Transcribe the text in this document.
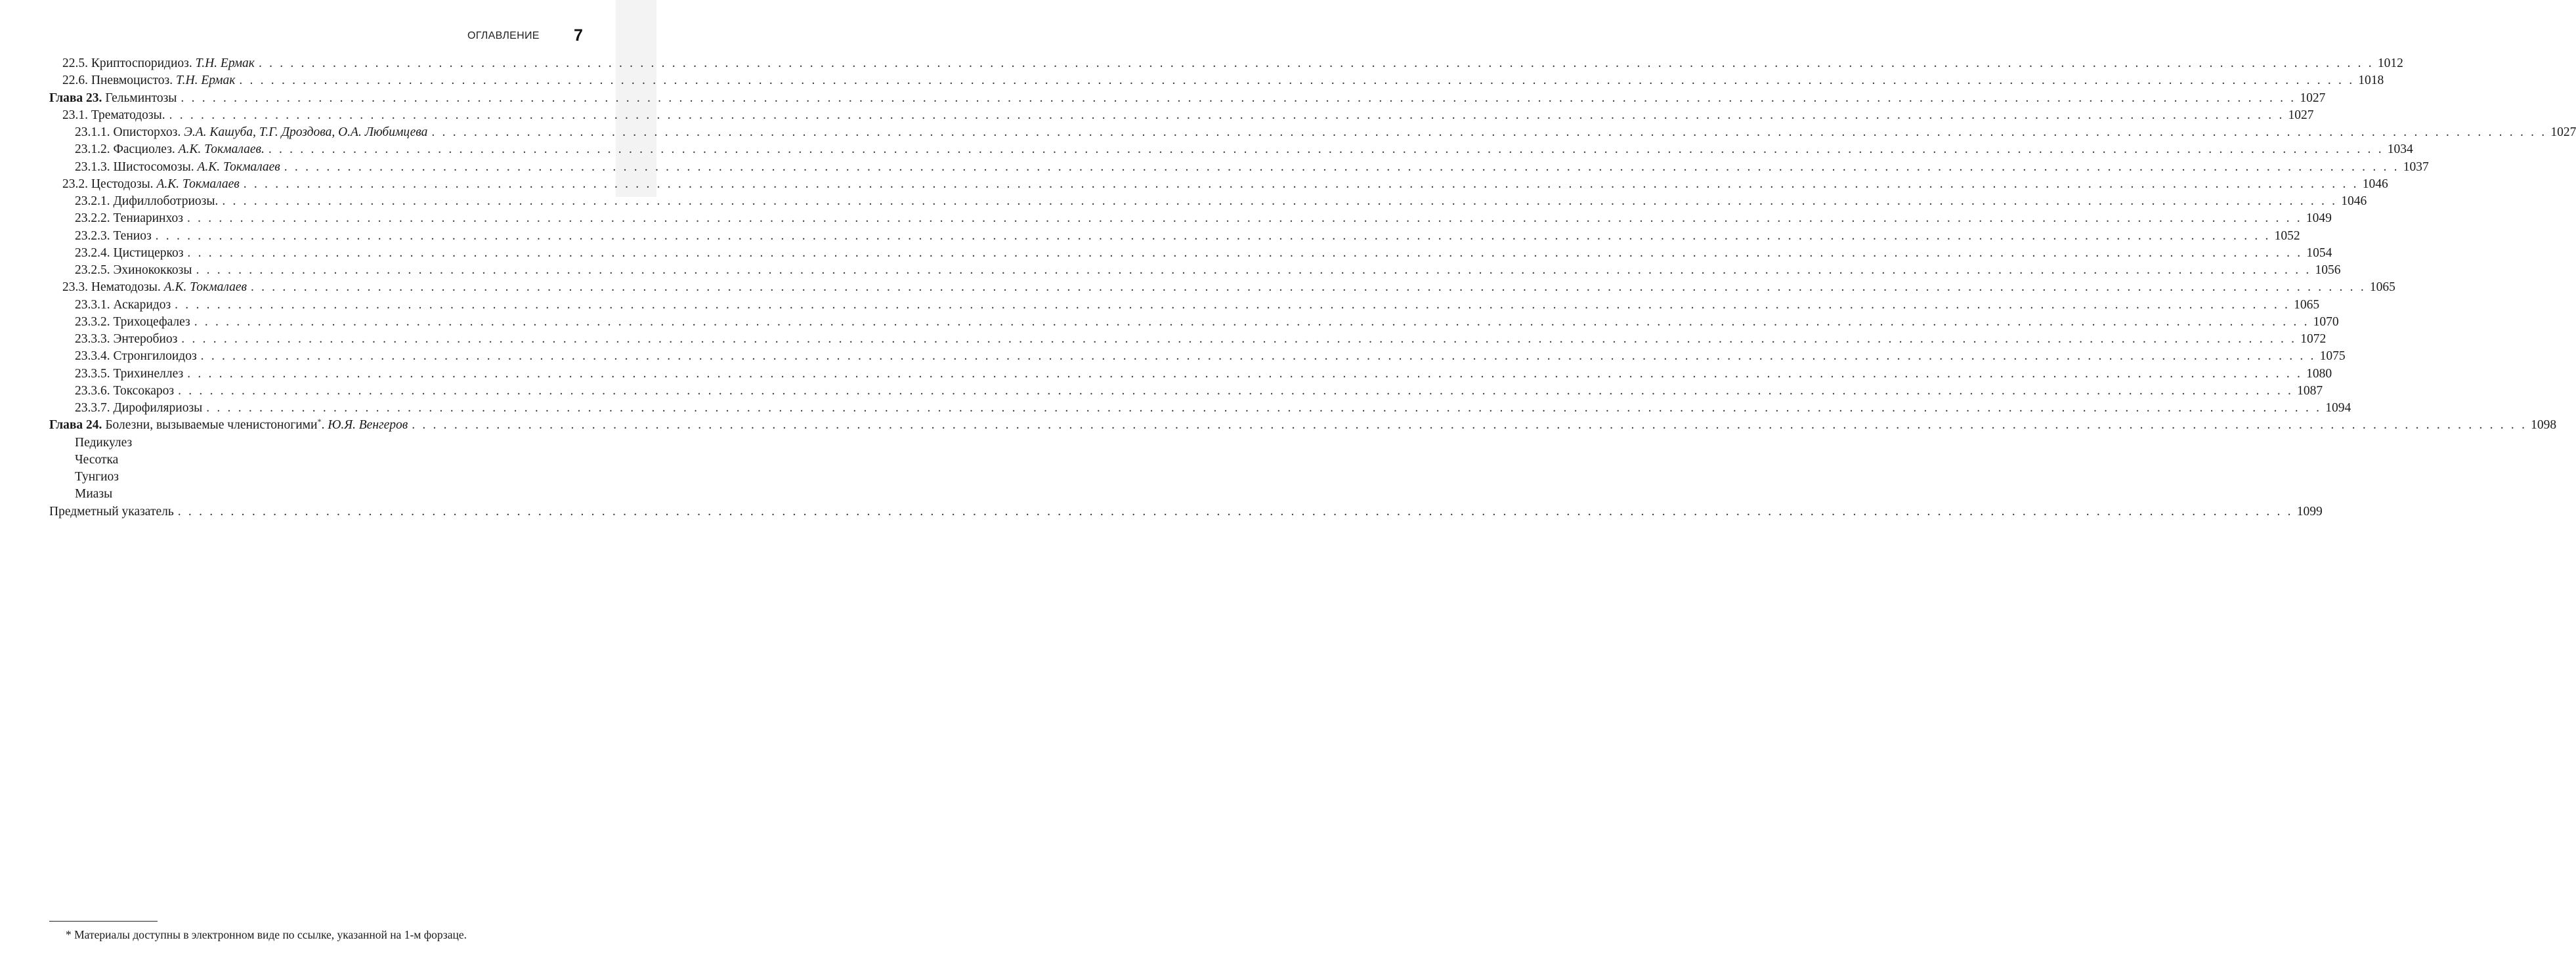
ОГЛАВЛЕНИЕ 7
22.5. Криптоспоридиоз. Т.Н. Ермак . . . . . . . . . . . . . . . . . . . . . . . . . . . . . . . . . . . . . . . . . . . . . . . . . . . . . . . . . . . . . . . . . . . . . . . . . . . . . . . . . . . . . . . . . . . . . . . . . . . . . . . . . . . . . . . . . . . . . . . . . . . . . . . . . . . . . . . . . . . . . . . . . . . . . . . . . . . . . . . . . . . . . . . . . . . . . . . . . . . . . . . . . . . . . . . . . . . . . . . . 1012
22.6. Пневмоцистоз. Т.Н. Ермак . . . . . . . . . . . . . . . . . . . . . . . . . . . . . . . . . . . . . . . . . . . . . . . . . . . . . . . . . . . . . . . . . . . . . . . . . . . . . . . . . . . . . . . . . . . . . . . . . . . . . . . . . . . . . . . . . . . . . . . . . . . . . . . . . . . . . . . . . . . . . . . . . . . . . . . . . . . . . . . . . . . . . . . . . . . . . . . . . . . . . . . . . . . . . . . . . . . . . . . . 1018
Глава 23. Гельминтозы . . . . . . . . . . . . . . . . . . . . . . . . . . . . . . . . . . . . . . . . . . . . . . . . . . . . . . . . . . . . . . . . . . . . . . . . . . . . . . . . . . . . . . . . . . . . . . . . . . . . . . . . . . . . . . . . . . . . . . . . . . . . . . . . . . . . . . . . . . . . . . . . . . . . . . . . . . . . . . . . . . . . . . . . . . . . . . . . . . . . . . . . . . . . . . . . . . . . . . . . 1027
23.1. Трематодозы. . . . . . . . . . . . . . . . . . . . . . . . . . . . . . . . . . . . . . . . . . . . . . . . . . . . . . . . . . . . . . . . . . . . . . . . . . . . . . . . . . . . . . . . . . . . . . . . . . . . . . . . . . . . . . . . . . . . . . . . . . . . . . . . . . . . . . . . . . . . . . . . . . . . . . . . . . . . . . . . . . . . . . . . . . . . . . . . . . . . . . . . . . . . . . . . . . . . . . . . . 1027
23.1.1. Описторхоз. Э.А. Кашуба, Т.Г. Дроздова, О.А. Любимцева . . . . . . . . . . . . . . . . . . . . . . . . . . . . . . . . . . . . . . . . . . . . . . . . . . . . . . . . . . . . . . . . . . . . . . . . . . . . . . . . . . . . . . . . . . . . . . . . . . . . . . . . . . . . . . . . . . . . . . . . . . . . . . . . . . . . . . . . . . . . . . . . . . . . . . . . . . . . . . . . . . . . . . . . . . . . . . . . . . . . . . . . . . . . . . . . . . . . . . . . 1027
23.1.2. Фасциолез. А.К. Токмалаев. . . . . . . . . . . . . . . . . . . . . . . . . . . . . . . . . . . . . . . . . . . . . . . . . . . . . . . . . . . . . . . . . . . . . . . . . . . . . . . . . . . . . . . . . . . . . . . . . . . . . . . . . . . . . . . . . . . . . . . . . . . . . . . . . . . . . . . . . . . . . . . . . . . . . . . . . . . . . . . . . . . . . . . . . . . . . . . . . . . . . . . . . . . . . . . . . . . . . . . . . 1034
23.1.3. Шистосомозы. А.К. Токмалаев . . . . . . . . . . . . . . . . . . . . . . . . . . . . . . . . . . . . . . . . . . . . . . . . . . . . . . . . . . . . . . . . . . . . . . . . . . . . . . . . . . . . . . . . . . . . . . . . . . . . . . . . . . . . . . . . . . . . . . . . . . . . . . . . . . . . . . . . . . . . . . . . . . . . . . . . . . . . . . . . . . . . . . . . . . . . . . . . . . . . . . . . . . . . . . . . . . . . . . . . 1037
23.2. Цестодозы. А.К. Токмалаев . . . . . . . . . . . . . . . . . . . . . . . . . . . . . . . . . . . . . . . . . . . . . . . . . . . . . . . . . . . . . . . . . . . . . . . . . . . . . . . . . . . . . . . . . . . . . . . . . . . . . . . . . . . . . . . . . . . . . . . . . . . . . . . . . . . . . . . . . . . . . . . . . . . . . . . . . . . . . . . . . . . . . . . . . . . . . . . . . . . . . . . . . . . . . . . . . . . . . . . . 1046
23.2.1. Дифиллоботриозы. . . . . . . . . . . . . . . . . . . . . . . . . . . . . . . . . . . . . . . . . . . . . . . . . . . . . . . . . . . . . . . . . . . . . . . . . . . . . . . . . . . . . . . . . . . . . . . . . . . . . . . . . . . . . . . . . . . . . . . . . . . . . . . . . . . . . . . . . . . . . . . . . . . . . . . . . . . . . . . . . . . . . . . . . . . . . . . . . . . . . . . . . . . . . . . . . . . . . . . . . 1046
23.2.2. Тениаринхоз . . . . . . . . . . . . . . . . . . . . . . . . . . . . . . . . . . . . . . . . . . . . . . . . . . . . . . . . . . . . . . . . . . . . . . . . . . . . . . . . . . . . . . . . . . . . . . . . . . . . . . . . . . . . . . . . . . . . . . . . . . . . . . . . . . . . . . . . . . . . . . . . . . . . . . . . . . . . . . . . . . . . . . . . . . . . . . . . . . . . . . . . . . . . . . . . . . . . . . . . 1049
23.2.3. Тениоз . . . . . . . . . . . . . . . . . . . . . . . . . . . . . . . . . . . . . . . . . . . . . . . . . . . . . . . . . . . . . . . . . . . . . . . . . . . . . . . . . . . . . . . . . . . . . . . . . . . . . . . . . . . . . . . . . . . . . . . . . . . . . . . . . . . . . . . . . . . . . . . . . . . . . . . . . . . . . . . . . . . . . . . . . . . . . . . . . . . . . . . . . . . . . . . . . . . . . . . . 1052
23.2.4. Цистицеркоз . . . . . . . . . . . . . . . . . . . . . . . . . . . . . . . . . . . . . . . . . . . . . . . . . . . . . . . . . . . . . . . . . . . . . . . . . . . . . . . . . . . . . . . . . . . . . . . . . . . . . . . . . . . . . . . . . . . . . . . . . . . . . . . . . . . . . . . . . . . . . . . . . . . . . . . . . . . . . . . . . . . . . . . . . . . . . . . . . . . . . . . . . . . . . . . . . . . . . . . . 1054
23.2.5. Эхинококкозы . . . . . . . . . . . . . . . . . . . . . . . . . . . . . . . . . . . . . . . . . . . . . . . . . . . . . . . . . . . . . . . . . . . . . . . . . . . . . . . . . . . . . . . . . . . . . . . . . . . . . . . . . . . . . . . . . . . . . . . . . . . . . . . . . . . . . . . . . . . . . . . . . . . . . . . . . . . . . . . . . . . . . . . . . . . . . . . . . . . . . . . . . . . . . . . . . . . . . . . . 1056
23.3. Нематодозы. А.К. Токмалаев . . . . . . . . . . . . . . . . . . . . . . . . . . . . . . . . . . . . . . . . . . . . . . . . . . . . . . . . . . . . . . . . . . . . . . . . . . . . . . . . . . . . . . . . . . . . . . . . . . . . . . . . . . . . . . . . . . . . . . . . . . . . . . . . . . . . . . . . . . . . . . . . . . . . . . . . . . . . . . . . . . . . . . . . . . . . . . . . . . . . . . . . . . . . . . . . . . . . . . . . 1065
23.3.1. Аскаридоз . . . . . . . . . . . . . . . . . . . . . . . . . . . . . . . . . . . . . . . . . . . . . . . . . . . . . . . . . . . . . . . . . . . . . . . . . . . . . . . . . . . . . . . . . . . . . . . . . . . . . . . . . . . . . . . . . . . . . . . . . . . . . . . . . . . . . . . . . . . . . . . . . . . . . . . . . . . . . . . . . . . . . . . . . . . . . . . . . . . . . . . . . . . . . . . . . . . . . . . . 1065
23.3.2. Трихоцефалез . . . . . . . . . . . . . . . . . . . . . . . . . . . . . . . . . . . . . . . . . . . . . . . . . . . . . . . . . . . . . . . . . . . . . . . . . . . . . . . . . . . . . . . . . . . . . . . . . . . . . . . . . . . . . . . . . . . . . . . . . . . . . . . . . . . . . . . . . . . . . . . . . . . . . . . . . . . . . . . . . . . . . . . . . . . . . . . . . . . . . . . . . . . . . . . . . . . . . . . . 1070
23.3.3. Энтеробиоз . . . . . . . . . . . . . . . . . . . . . . . . . . . . . . . . . . . . . . . . . . . . . . . . . . . . . . . . . . . . . . . . . . . . . . . . . . . . . . . . . . . . . . . . . . . . . . . . . . . . . . . . . . . . . . . . . . . . . . . . . . . . . . . . . . . . . . . . . . . . . . . . . . . . . . . . . . . . . . . . . . . . . . . . . . . . . . . . . . . . . . . . . . . . . . . . . . . . . . . . 1072
23.3.4. Стронгилоидоз . . . . . . . . . . . . . . . . . . . . . . . . . . . . . . . . . . . . . . . . . . . . . . . . . . . . . . . . . . . . . . . . . . . . . . . . . . . . . . . . . . . . . . . . . . . . . . . . . . . . . . . . . . . . . . . . . . . . . . . . . . . . . . . . . . . . . . . . . . . . . . . . . . . . . . . . . . . . . . . . . . . . . . . . . . . . . . . . . . . . . . . . . . . . . . . . . . . . . . . . 1075
23.3.5. Трихинеллез . . . . . . . . . . . . . . . . . . . . . . . . . . . . . . . . . . . . . . . . . . . . . . . . . . . . . . . . . . . . . . . . . . . . . . . . . . . . . . . . . . . . . . . . . . . . . . . . . . . . . . . . . . . . . . . . . . . . . . . . . . . . . . . . . . . . . . . . . . . . . . . . . . . . . . . . . . . . . . . . . . . . . . . . . . . . . . . . . . . . . . . . . . . . . . . . . . . . . . . . 1080
23.3.6. Токсокароз . . . . . . . . . . . . . . . . . . . . . . . . . . . . . . . . . . . . . . . . . . . . . . . . . . . . . . . . . . . . . . . . . . . . . . . . . . . . . . . . . . . . . . . . . . . . . . . . . . . . . . . . . . . . . . . . . . . . . . . . . . . . . . . . . . . . . . . . . . . . . . . . . . . . . . . . . . . . . . . . . . . . . . . . . . . . . . . . . . . . . . . . . . . . . . . . . . . . . . . . 1087
23.3.7. Дирофиляриозы . . . . . . . . . . . . . . . . . . . . . . . . . . . . . . . . . . . . . . . . . . . . . . . . . . . . . . . . . . . . . . . . . . . . . . . . . . . . . . . . . . . . . . . . . . . . . . . . . . . . . . . . . . . . . . . . . . . . . . . . . . . . . . . . . . . . . . . . . . . . . . . . . . . . . . . . . . . . . . . . . . . . . . . . . . . . . . . . . . . . . . . . . . . . . . . . . . . . . . . . 1094
Глава 24. Болезни, вызываемые членистоногими*. Ю.Я. Венгеров . . . . . . . . . . . . . . . . . . . . . . . . . . . . . . . . . . . . . . . . . . . . . . . . . . . . . . . . . . . . . . . . . . . . . . . . . . . . . . . . . . . . . . . . . . . . . . . . . . . . . . . . . . . . . . . . . . . . . . . . . . . . . . . . . . . . . . . . . . . . . . . . . . . . . . . . . . . . . . . . . . . . . . . . . . . . . . . . . . . . . . . . . . . . . . . . . . . . . . . . 1098
Педикулез
Чесотка
Тунгиоз
Миазы
Предметный указатель . . . . . . . . . . . . . . . . . . . . . . . . . . . . . . . . . . . . . . . . . . . . . . . . . . . . . . . . . . . . . . . . . . . . . . . . . . . . . . . . . . . . . . . . . . . . . . . . . . . . . . . . . . . . . . . . . . . . . . . . . . . . . . . . . . . . . . . . . . . . . . . . . . . . . . . . . . . . . . . . . . . . . . . . . . . . . . . . . . . . . . . . . . . . . . . . . . . . . . . . 1099
* Материалы доступны в электронном виде по ссылке, указанной на 1-м форзаце.
